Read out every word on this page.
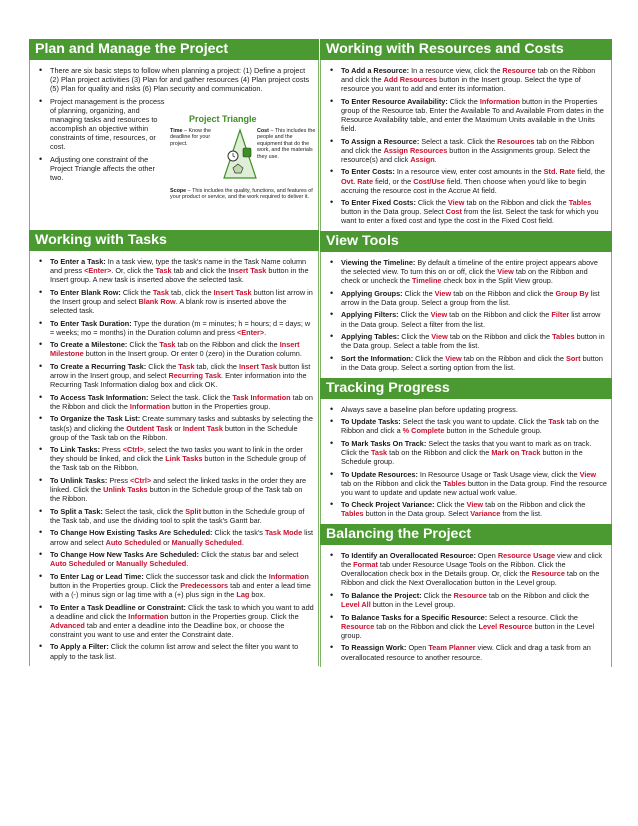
Plan and Manage the Project
• There are six basic steps to follow when planning a project: (1) Define a project (2) Plan project activities (3) Plan for and gather resources (4) Plan project costs (5) Plan for quality and risks (6) Plan security and communication.
• Project management is the process of planning, organizing, and managing tasks and resources to accomplish an objective within constraints of time, resources, or cost.
• Adjusting one constraint of the Project Triangle affects the other two.
Working with Tasks
• To Enter a Task: In a task view, type the task's name in the Task Name column and press <Enter>. Or, click the Task tab and click the Insert Task button in the Insert group. A new task is inserted above the selected task.
• To Enter Blank Row: Click the Task tab, click the Insert Task button list arrow in the Insert group and select Blank Row. A blank row is inserted above the selected task.
• To Enter Task Duration: Type the duration (m = minutes; h = hours; d = days; w = weeks; mo = months) in the Duration column and press <Enter>.
• To Create a Milestone: Click the Task tab on the Ribbon and click the Insert Milestone button in the Insert group. Or enter 0 (zero) in the Duration column.
• To Create a Recurring Task: Click the Task tab, click the Insert Task button list arrow in the Insert group, and select Recurring Task. Enter information into the Recurring Task Information dialog box and click OK.
• To Access Task Information: Select the task. Click the Task Information tab on the Ribbon and click the Information button in the Properties group.
• To Organize the Task List: Create summary tasks and subtasks by selecting the task(s) and clicking the Outdent Task or Indent Task button in the Schedule group of the Task tab on the Ribbon.
• To Link Tasks: Press <Ctrl>, select the two tasks you want to link in the order they should be linked, and click the Link Tasks button in the Schedule group of the Task tab on the Ribbon.
• To Unlink Tasks: Press <Ctrl> and select the linked tasks in the order they are linked. Click the Unlink Tasks button in the Schedule group of the Task tab on the Ribbon.
• To Split a Task: Select the task, click the Split button in the Schedule group of the Task tab, and use the dividing tool to split the task's Gantt bar.
• To Change How Existing Tasks Are Scheduled: Click the task's Task Mode list arrow and select Auto Scheduled or Manually Scheduled.
• To Change How New Tasks Are Scheduled: Click the status bar and select Auto Scheduled or Manually Scheduled.
• To Enter Lag or Lead Time: Click the successor task and click the Information button in the Properties group. Click the Predecessors tab and enter a lead time with a (-) minus sign or lag time with a (+) plus sign in the Lag box.
• To Enter a Task Deadline or Constraint: Click the task to which you want to add a deadline and click the Information button in the Properties group. Click the Advanced tab and enter a deadline into the Deadline box, or choose the constraint you want to use and enter the Constraint date.
• To Apply a Filter: Click the column list arrow and select the filter you want to apply to the task list.
Project Triangle
Time – Know the deadline for your project.
Cost – This includes the people and the equipment that do the work, and the materials they use.
Scope – This includes the quality, functions, and features of your product or service, and the work required to deliver it.
Working with Resources and Costs
• To Add a Resource: In a resource view, click the Resource tab on the Ribbon and click the Add Resources button in the Insert group. Select the type of resource you want to add and enter its information.
• To Enter Resource Availability: Click the Information button in the Properties group of the Resource tab. Enter the Available To and Available From dates in the Resource Availability table, and enter the Maximum Units available in the Units field.
• To Assign a Resource: Select a task. Click the Resources tab on the Ribbon and click the Assign Resources button in the Assignments group. Select the resource(s) and click Assign.
• To Enter Costs: In a resource view, enter cost amounts in the Std. Rate field, the Ovt. Rate field, or the Cost/Use field. Then choose when you'd like to begin accruing the resource cost in the Accrue At field.
• To Enter Fixed Costs: Click the View tab on the Ribbon and click the Tables button in the Data group. Select Cost from the list. Select the task for which you want to enter a fixed cost and type the cost in the Fixed Cost field.
View Tools
• Viewing the Timeline: By default a timeline of the entire project appears above the selected view. To turn this on or off, click the View tab on the Ribbon and check or uncheck the Timeline check box in the Split View group.
• Applying Groups: Click the View tab on the Ribbon and click the Group By list arrow in the Data group. Select a group from the list.
• Applying Filters: Click the View tab on the Ribbon and click the Filter list arrow in the Data group. Select a filter from the list.
• Applying Tables: Click the View tab on the Ribbon and click the Tables button in the Data group. Select a table from the list.
• Sort the Information: Click the View tab on the Ribbon and click the Sort button in the Data group. Select a sorting option from the list.
Tracking Progress
• Always save a baseline plan before updating progress.
• To Update Tasks: Select the task you want to update. Click the Task tab on the Ribbon and click a % Complete button in the Schedule group.
• To Mark Tasks On Track: Select the tasks that you want to mark as on track. Click the Task tab on the Ribbon and click the Mark on Track button in the Schedule group.
• To Update Resources: In Resource Usage or Task Usage view, click the View tab on the Ribbon and click the Tables button in the Data group. Find the resource you want to update and update new actual work value.
• To Check Project Variance: Click the View tab on the Ribbon and click the Tables button in the Data group. Select Variance from the list.
Balancing the Project
• To Identify an Overallocated Resource: Open Resource Usage view and click the Format tab under Resource Usage Tools on the Ribbon. Click the Overallocation check box in the Details group. Or, click the Resource tab on the Ribbon and click the Next Overallocation button in the Level group.
• To Balance the Project: Click the Resource tab on the Ribbon and click the Level All button in the Level group.
• To Balance Tasks for a Specific Resource: Select a resource. Click the Resource tab on the Ribbon and click the Level Resource button in the Level group.
• To Reassign Work: Open Team Planner view. Click and drag a task from an overallocated resource to another resource.
